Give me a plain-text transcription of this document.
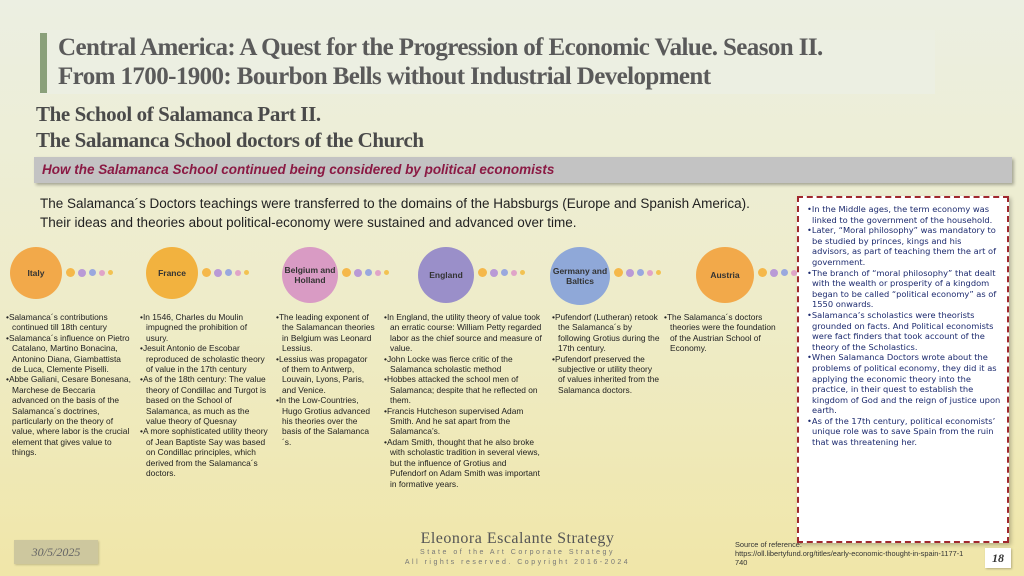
Central America: A Quest for the Progression of Economic Value. Season II.
From 1700-1900: Bourbon Bells without Industrial Development
The School of Salamanca Part II.
The Salamanca School doctors of the Church
How the Salamanca School continued being considered by political economists
The Salamanca´s Doctors teachings were transferred to the domains of the Habsburgs (Europe and Spanish America). Their ideas and theories about political-economy were sustained and advanced over time.
Italy	France	Belgium and Holland	England	Germany and Baltics
Austria
• Salamanca´s contributions continued till 18th century
• Salamanca´s influence on Pietro Catalano, Martino Bonacina, Antonino Diana, Giambattista de Luca, Clemente Piselli.
• Abbe Galiani, Cesare Bonesana, Marchese de Beccaria advanced on the basis of the Salamanca´s doctrines, particularly on the theory of value, where labor is the crucial element that gives value to things.
• In 1546, Charles du Moulin impugned the prohibition of usury.
• Jesuit Antonio de Escobar reproduced de scholastic theory of value in the 17th century
• As of the 18th century: The value theory of Condillac and Turgot is based on the School of Salamanca, as much as the value theory of Quesnay
• A more sophisticated utility theory of Jean Baptiste Say was based on Condillac principles, which derived from the Salamanca´s doctors.
• The leading exponent of the Salamancan theories in Belgium was Leonard Lessius.
• Lessius was propagator of them to Antwerp, Louvain, Lyons, Paris, and Venice.
• In the Low-Countries, Hugo Grotius advanced his theories over the basis of the Salamanca´s.
• In England, the utility theory of value took an erratic course: William Petty regarded labor as the chief source and measure of value.
• John Locke was fierce critic of the Salamanca scholastic method
• Hobbes attacked the school men of Salamanca; despite that he reflected on them.
• Francis Hutcheson supervised Adam Smith. And he sat apart from the Salamanca’s.
• Adam Smith, thought that he also broke with scholastic tradition in several views, but the influence of Grotius and Pufendorf on Adam Smith was important in formative years.
• Pufendorf (Lutheran) retook the Salamanca´s by following Grotius during the 17th century.
• Pufendorf preserved the subjective or utility theory of values inherited from the Salamanca doctors.
• The Salamanca´s doctors theories were the foundation of the Austrian School of Economy.
• In the Middle ages, the term economy was linked to the government of the household.
• Later, “Moral philosophy” was mandatory to be studied by princes, kings and his advisors, as part of teaching them the art of government.
• The branch of “moral philosophy” that dealt with the wealth or prosperity of a kingdom began to be called “political economy” as of 1550 onwards.
• Salamanca’s scholastics were theorists grounded on facts. And Political economists were fact finders that took account of the theory of the Scholastics.
• When Salamanca Doctors wrote about the problems of political economy, they did it as applying the economic theory into the practice, in their quest to establish the kingdom of God and the reign of justice upon earth.
• As of the 17th century, political economists’ unique role was to save Spain from the ruin that was threatening her.
30/5/2025
Eleonora Escalante Strategy
State of the Art Corporate Strategy
All rights reserved. Copyright 2016-2024
Source of reference:
https://oll.libertyfund.org/titles/early-economic-thought-in-spain-1177-1740	18
